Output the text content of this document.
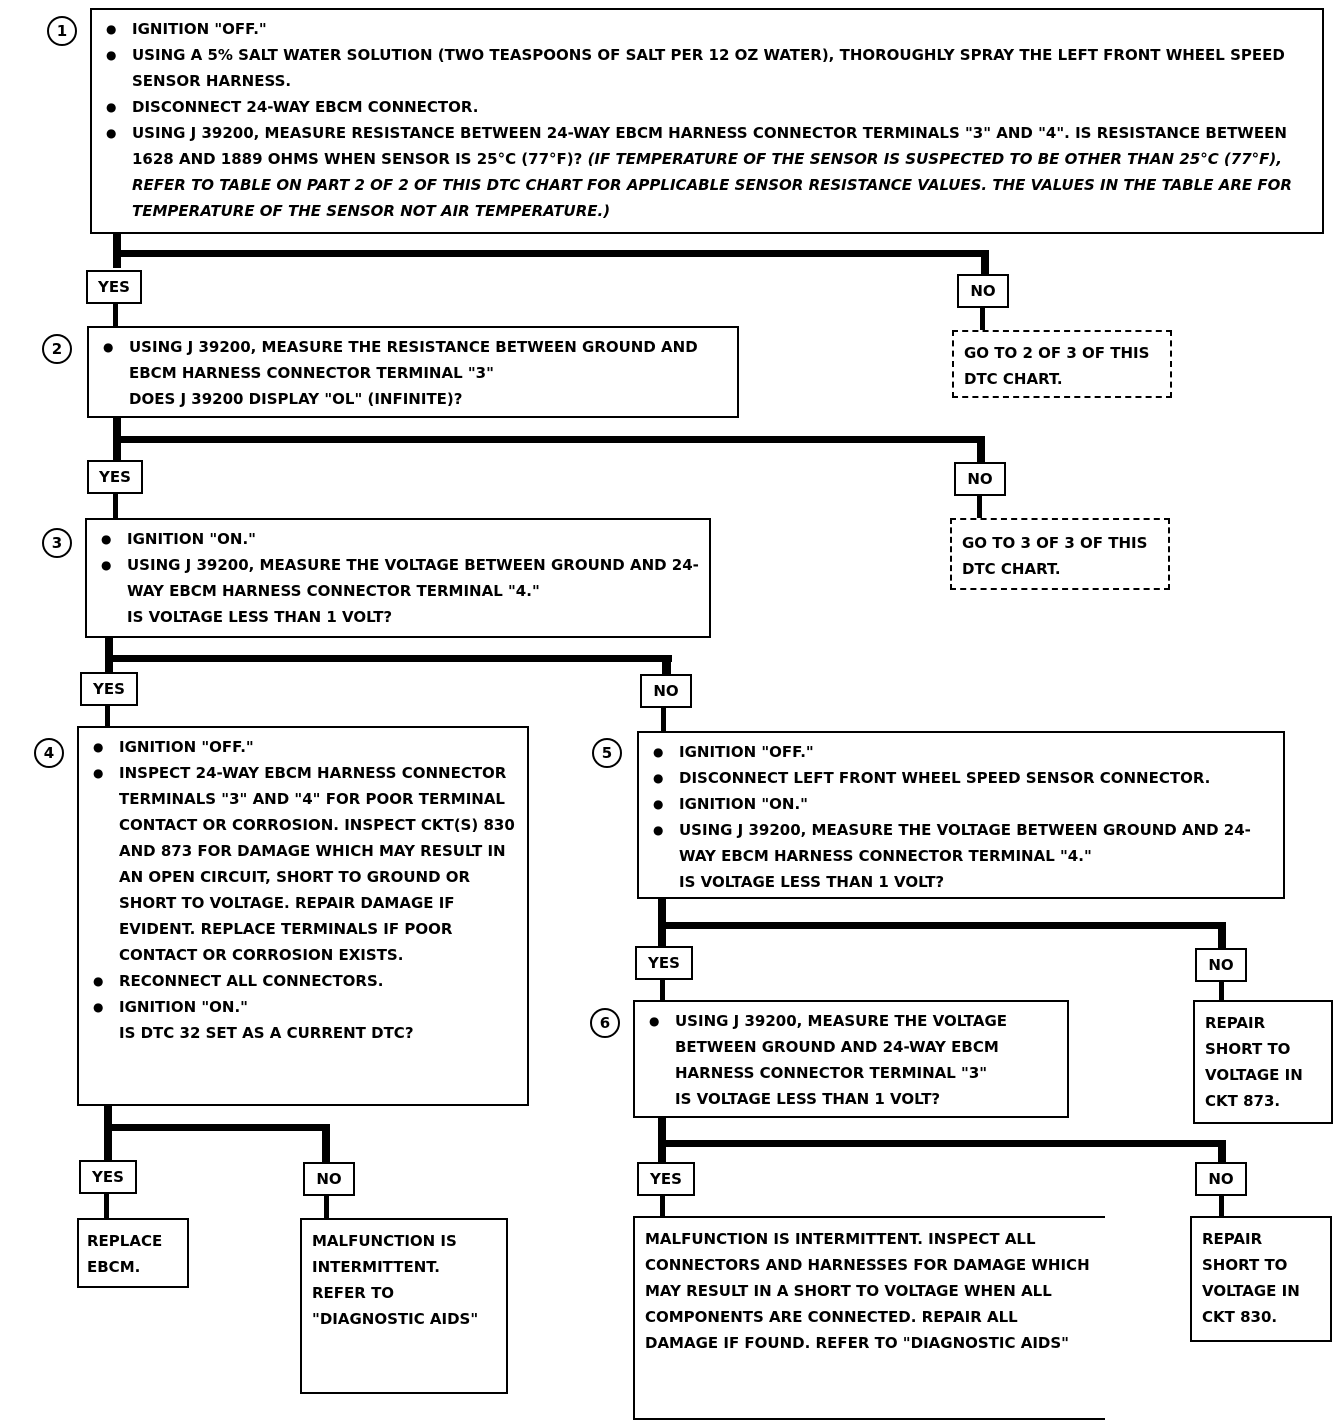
1	● IGNITION "OFF."
● USING A 5% SALT WATER SOLUTION (TWO TEASPOONS OF SALT PER 12 OZ WATER), THOROUGHLY SPRAY THE LEFT FRONT WHEEL SPEED SENSOR HARNESS.
● DISCONNECT 24-WAY EBCM CONNECTOR.
● USING J 39200, MEASURE RESISTANCE BETWEEN 24-WAY EBCM HARNESS CONNECTOR TERMINALS "3" AND "4". IS RESISTANCE BETWEEN 1628 AND 1889 OHMS WHEN SENSOR IS 25°C (77°F)? (IF TEMPERATURE OF THE SENSOR IS SUSPECTED TO BE OTHER THAN 25°C (77°F), REFER TO TABLE ON PART 2 OF 2 OF THIS DTC CHART FOR APPLICABLE SENSOR RESISTANCE VALUES. THE VALUES IN THE TABLE ARE FOR TEMPERATURE OF THE SENSOR NOT AIR TEMPERATURE.)
YES	NO
GO TO 2 OF 3 OF THIS DTC CHART.
2	● USING J 39200, MEASURE THE RESISTANCE BETWEEN GROUND AND EBCM HARNESS CONNECTOR TERMINAL "3"
DOES J 39200 DISPLAY "OL" (INFINITE)?
YES	NO
GO TO 3 OF 3 OF THIS DTC CHART.
3	● IGNITION "ON."
● USING J 39200, MEASURE THE VOLTAGE BETWEEN GROUND AND 24-WAY EBCM HARNESS CONNECTOR TERMINAL "4."
IS VOLTAGE LESS THAN 1 VOLT?
YES	NO
4	● IGNITION "OFF."
● INSPECT 24-WAY EBCM HARNESS CONNECTOR TERMINALS "3" AND "4" FOR POOR TERMINAL CONTACT OR CORROSION. INSPECT CKT(S) 830 AND 873 FOR DAMAGE WHICH MAY RESULT IN AN OPEN CIRCUIT, SHORT TO GROUND OR SHORT TO VOLTAGE. REPAIR DAMAGE IF EVIDENT. REPLACE TERMINALS IF POOR CONTACT OR CORROSION EXISTS.
● RECONNECT ALL CONNECTORS.
● IGNITION "ON."
IS DTC 32 SET AS A CURRENT DTC?
YES	NO
REPLACE EBCM.
MALFUNCTION IS INTERMITTENT. REFER TO "DIAGNOSTIC AIDS"
5	● IGNITION "OFF."
● DISCONNECT LEFT FRONT WHEEL SPEED SENSOR CONNECTOR.
● IGNITION "ON."
● USING J 39200, MEASURE THE VOLTAGE BETWEEN GROUND AND 24-WAY EBCM HARNESS CONNECTOR TERMINAL "4."
IS VOLTAGE LESS THAN 1 VOLT?
YES	NO
6	● USING J 39200, MEASURE THE VOLTAGE BETWEEN GROUND AND 24-WAY EBCM HARNESS CONNECTOR TERMINAL "3"
IS VOLTAGE LESS THAN 1 VOLT?
REPAIR SHORT TO VOLTAGE IN CKT 873.
YES	NO
MALFUNCTION IS INTERMITTENT. INSPECT ALL CONNECTORS AND HARNESSES FOR DAMAGE WHICH MAY RESULT IN A SHORT TO VOLTAGE WHEN ALL COMPONENTS ARE CONNECTED. REPAIR ALL DAMAGE IF FOUND. REFER TO "DIAGNOSTIC AIDS"
REPAIR SHORT TO VOLTAGE IN CKT 830.
